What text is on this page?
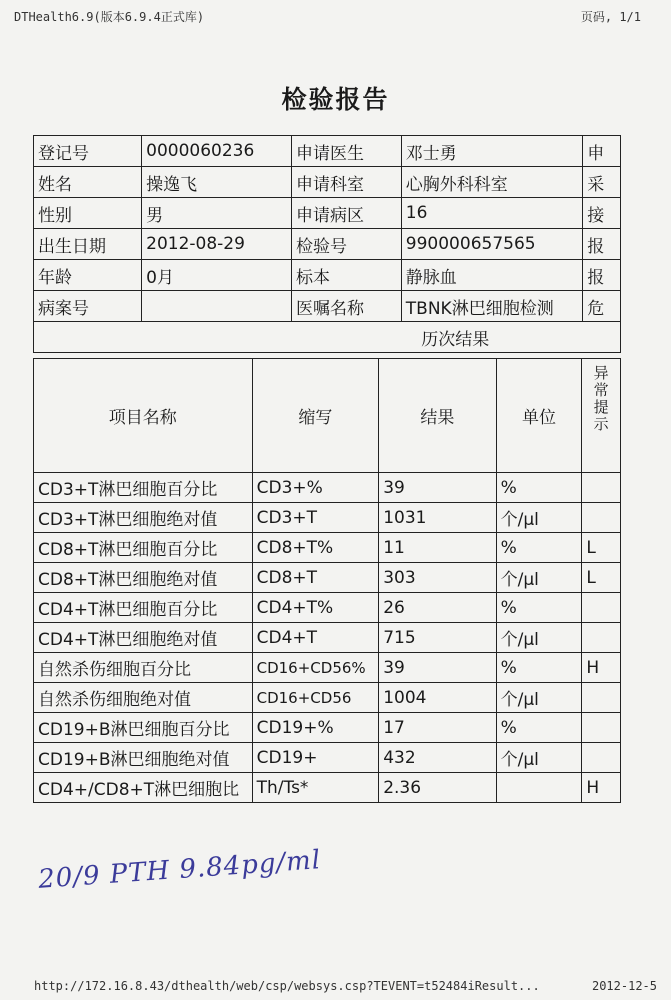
DTHealth6.9(版本6.9.4正式库)	页码, 1/1
检验报告
登记号	0000060236	申请医生	邓士勇	申
姓名	操逸飞	申请科室	心胸外科科室	采
性别	男	申请病区	16	接
出生日期	2012-08-29	检验号	990000657565	报
年龄	0月	标本	静脉血	报
病案号		医嘱名称	TBNK淋巴细胞检测	危
			历次结果	
项目名称	缩写	结果	单位	异常提示
CD3+T淋巴细胞百分比	CD3+%	39	%	
CD3+T淋巴细胞绝对值	CD3+T	1031	个/µl	
CD8+T淋巴细胞百分比	CD8+T%	11	%	L
CD8+T淋巴细胞绝对值	CD8+T	303	个/µl	L
CD4+T淋巴细胞百分比	CD4+T%	26	%	
CD4+T淋巴细胞绝对值	CD4+T	715	个/µl	
自然杀伤细胞百分比	CD16+CD56%	39	%	H
自然杀伤细胞绝对值	CD16+CD56	1004	个/µl	
CD19+B淋巴细胞百分比	CD19+%	17	%	
CD19+B淋巴细胞绝对值	CD19+	432	个/µl	
CD4+/CD8+T淋巴细胞比	Th/Ts*	2.36		H
20/9 PTH 9.84pg/ml
http://172.16.8.43/dthealth/web/csp/websys.csp?TEVENT=t52484iResult...	2012-12-5
